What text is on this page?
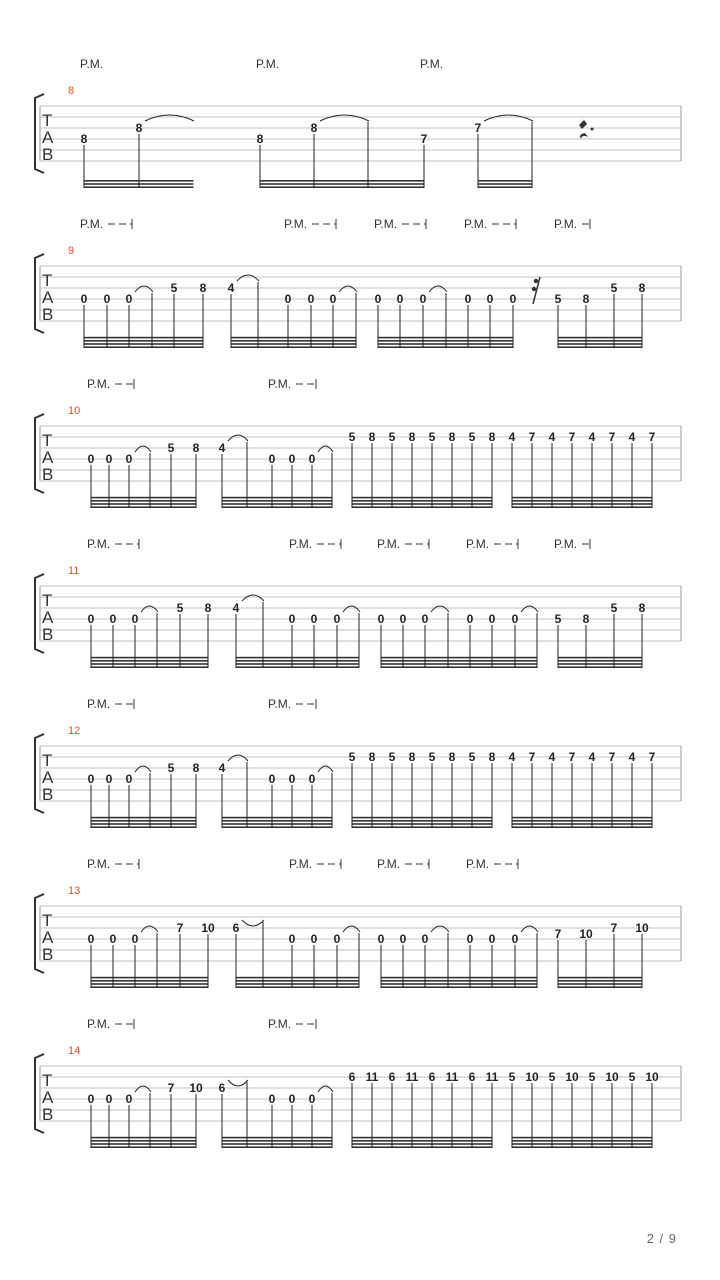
P.M.	P.M.	P.M.
8
T
A
B
8
8
8
8
7
7
P.M.	P.M.	P.M.	P.M.	P.M.
9
T
A
B
0 0 0
5 8 4
0 0 0	0 0 0	0 0 0	5 8
5 8
P.M.	P.M.
10
T
A
B
0 0 0
5 8 4
0 0 0
5 8 5 8 5 8 5 8 4 7 4 7 4 7 4 7
P.M.	P.M.	P.M.	P.M.	P.M.
11
T
A
B
0 0 0
5 8 4
0 0 0	0 0 0	0 0 0	5 8
5 8
P.M.	P.M.
12
T
A
B
0 0 0
5 8 4
0 0 0
5 8 5 8 5 8 5 8 4 7 4 7 4 7 4 7
P.M.	P.M.	P.M.	P.M.
13
T
A
B
0 0 0
7 10 6
0 0 0	0 0 0	0 0 0	7 10 7 10
P.M.	P.M.
14
T
A
B
0 0 0
7 10 6
0 0 0
6 11 6 11 6 11 6 11 5 10 5 10 5 10 5 10
2 / 9
